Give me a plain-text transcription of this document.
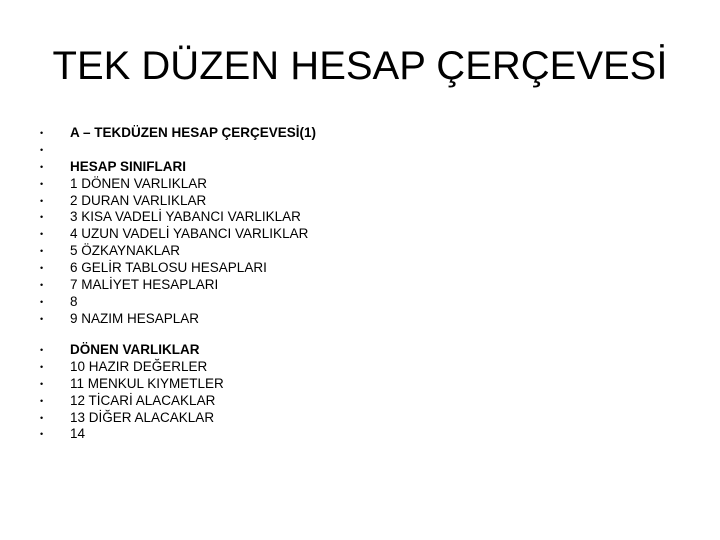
TEK DÜZEN HESAP ÇERÇEVESİ
•	A – TEKDÜZEN HESAP ÇERÇEVESİ(1)
•
•	HESAP SINIFLARI
•	1 DÖNEN VARLIKLAR
•	2 DURAN VARLIKLAR
•	3 KISA VADELİ YABANCI VARLIKLAR
•	4 UZUN VADELİ YABANCI VARLIKLAR
•	5 ÖZKAYNAKLAR
•	6 GELİR TABLOSU HESAPLARI
•	7 MALİYET HESAPLARI
•	8
•	9 NAZIM HESAPLAR
•	DÖNEN VARLIKLAR
•	10 HAZIR DEĞERLER
•	11 MENKUL KIYMETLER
•	12 TİCARİ ALACAKLAR
•	13 DİĞER ALACAKLAR
•	14
